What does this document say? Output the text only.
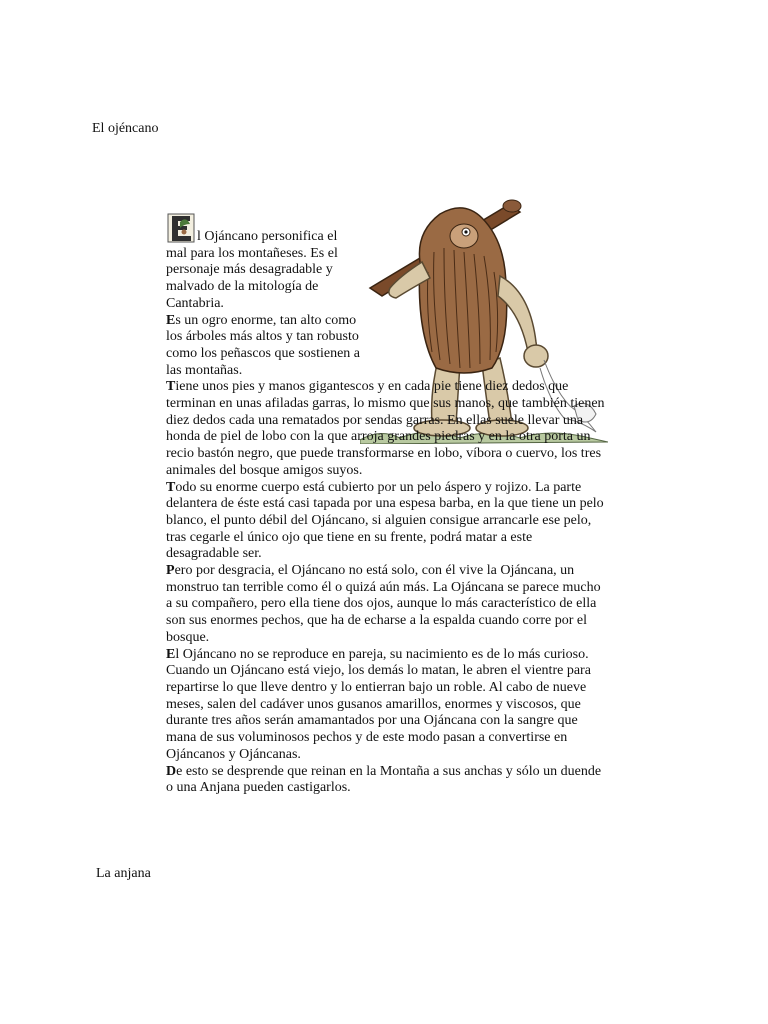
El ojéncano

l Ojáncano personifica el mal para los montañeses. Es el personaje más desagradable y malvado de la mitología de Cantabria.

Es un ogro enorme, tan alto como los árboles más altos y tan robusto como los peñascos que sostienen a las montañas.

Tiene unos pies y manos gigantescos y en cada pie tiene diez dedos que terminan en unas afiladas garras, lo mismo que sus manos, que también tienen diez dedos cada una rematados por sendas garras. En ellas suele llevar una honda de piel de lobo con la que arroja grandes piedras y en la otra porta un recio bastón negro, que puede transformarse en lobo, víbora o cuervo, los tres animales del bosque amigos suyos.

Todo su enorme cuerpo está cubierto por un pelo áspero y rojizo. La parte delantera de éste está casi tapada por una espesa barba, en la que tiene un pelo blanco, el punto débil del Ojáncano, si alguien consigue arrancarle ese pelo, tras cegarle el único ojo que tiene en su frente, podrá matar a este desagradable ser.

Pero por desgracia, el Ojáncano no está solo, con él vive la Ojáncana, un monstruo tan terrible como él o quizá aún más. La Ojáncana se parece mucho a su compañero, pero ella tiene dos ojos, aunque lo más característico de ella son sus enormes pechos, que ha de echarse a la espalda cuando corre por el bosque.

El Ojáncano no se reproduce en pareja, su nacimiento es de lo más curioso. Cuando un Ojáncano está viejo, los demás lo matan, le abren el vientre para repartirse lo que lleve dentro y lo entierran bajo un roble. Al cabo de nueve meses, salen del cadáver unos gusanos amarillos, enormes y viscosos, que durante tres años serán amamantados por una Ojáncana con la sangre que mana de sus voluminosos pechos y de este modo pasan a convertirse en Ojáncanos y Ojáncanas.

De esto se desprende que reinan en la Montaña a sus anchas y sólo un duende o una Anjana pueden castigarlos.

La anjana
